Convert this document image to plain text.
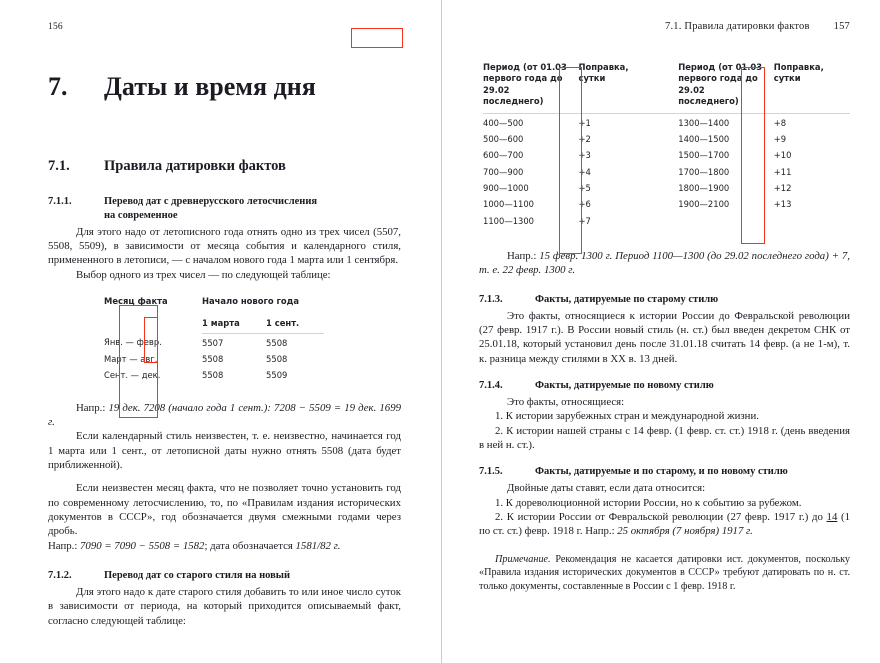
156
7.	Даты и время дня
7.1.	Правила датировки фактов
7.1.1.	Перевод дат с древнерусского летосчисления
на современное

Для этого надо от летописного года отнять одно из трех чисел (5507, 5508, 5509), в зависимости от месяца события и календарного стиля, примененного в летописи, — с началом нового года 1 марта или 1 сентября.

Выбор одного из трех чисел — по следующей таблице:

Месяц факта	Начало нового года	
	1 марта	1 сент.
Янв. — февр.	5507	5508
Март — авг.	5508	5508
Сент. — дек.	5508	5509

Напр.: 19 дек. 7208 (начало года 1 сент.): 7208 − 5509 = 19 дек. 1699 г.

Если календарный стиль неизвестен, т. е. неизвестно, начинается год 1 марта или 1 сент., от летописной даты нужно отнять 5508 (дата будет приближенной).

Если неизвестен месяц факта, что не позволяет точно установить год по современному летосчислению, то, по «Правилам издания исторических документов в СССР», год обозначается двумя смежными годами через дробь.

Напр.: 7090 = 7090 − 5508 = 1582; дата обозначается 1581/82 г.

7.1.2.	Перевод дат со старого стиля на новый

Для этого надо к дате старого стиля добавить то или иное число суток в зависимости от периода, на который приходится описываемый факт, согласно следующей таблице:

7.1. Правила датировки фактов 157
Период (от 01.03 первого года до 29.02 последнего)	Поправка, сутки		Период (от 01.03 первого года до 29.02 последнего)	Поправка, сутки
400—500	+1		1300—1400	+8
500—600	+2		1400—1500	+9
600—700	+3		1500—1700	+10
700—900	+4		1700—1800	+11
900—1000	+5		1800—1900	+12
1000—1100	+6		1900—2100	+13
1100—1300	+7			

Напр.: 15 февр. 1300 г. Период 1100—1300 (до 29.02 последнего года) + 7, т. е. 22 февр. 1300 г.

7.1.3.	Факты, датируемые по старому стилю

Это факты, относящиеся к истории России до Февральской революции (27 февр. 1917 г.). В России новый стиль (н. ст.) был введен декретом СНК от 25.01.18, который установил день после 31.01.18 считать 14 февр. (а не 1-м), т. к. разница между стилями в XX в. 13 дней.

7.1.4.	Факты, датируемые по новому стилю

Это факты, относящиеся:

1. К истории зарубежных стран и международной жизни.

2. К истории нашей страны с 14 февр. (1 февр. ст. ст.) 1918 г. (день введения в ней н. ст.).

7.1.5.	Факты, датируемые и по старому, и по новому стилю

Двойные даты ставят, если дата относится:

1. К дореволюционной истории России, но к событию за рубежом.

2. К истории России от Февральской революции (27 февр. 1917 г.) до 14 (1 по ст. ст.) февр. 1918 г. Напр.: 25 октября (7 ноября) 1917 г.

Примечание. Рекомендация не касается датировки ист. документов, поскольку «Правила издания исторических документов в СССР» требуют датировать по н. ст. только документы, составленные в России с 1 февр. 1918 г.
